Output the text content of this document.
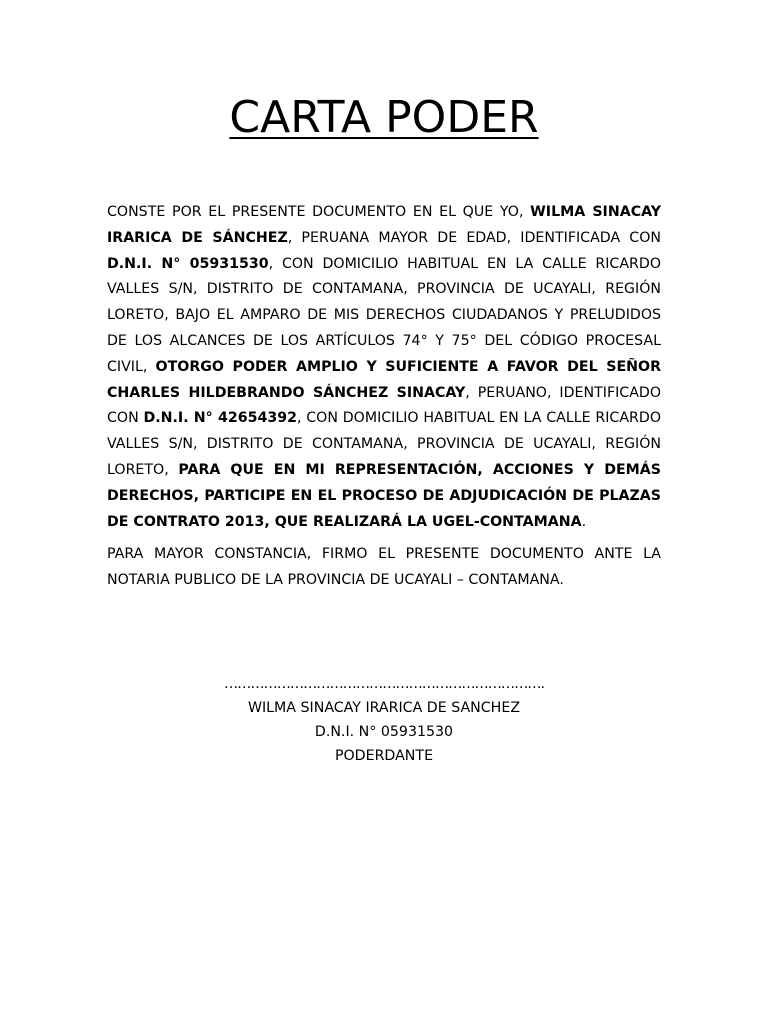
CARTA PODER

CONSTE POR EL PRESENTE DOCUMENTO EN EL QUE YO, WILMA SINACAY IRARICA DE SÁNCHEZ, PERUANA MAYOR DE EDAD, IDENTIFICADA CON D.N.I. N° 05931530, CON DOMICILIO HABITUAL EN LA CALLE RICARDO VALLES S/N, DISTRITO DE CONTAMANA, PROVINCIA DE UCAYALI, REGIÓN LORETO, BAJO EL AMPARO DE MIS DERECHOS CIUDADANOS Y PRELUDIDOS DE LOS ALCANCES DE LOS ARTÍCULOS 74° Y 75° DEL CÓDIGO PROCESAL CIVIL, OTORGO PODER AMPLIO Y SUFICIENTE A FAVOR DEL SEÑOR CHARLES HILDEBRANDO SÁNCHEZ SINACAY, PERUANO, IDENTIFICADO CON D.N.I. N° 42654392, CON DOMICILIO HABITUAL EN LA CALLE RICARDO VALLES S/N, DISTRITO DE CONTAMANA, PROVINCIA DE UCAYALI, REGIÓN LORETO, PARA QUE EN MI REPRESENTACIÓN, ACCIONES Y DEMÁS DERECHOS, PARTICIPE EN EL PROCESO DE ADJUDICACIÓN DE PLAZAS DE CONTRATO 2013, QUE REALIZARÁ LA UGEL-CONTAMANA.

PARA MAYOR CONSTANCIA, FIRMO EL PRESENTE DOCUMENTO ANTE LA NOTARIA PUBLICO DE LA PROVINCIA DE UCAYALI – CONTAMANA.

……………………………………………………………….
WILMA SINACAY IRARICA DE SANCHEZ
D.N.I. N° 05931530
PODERDANTE
